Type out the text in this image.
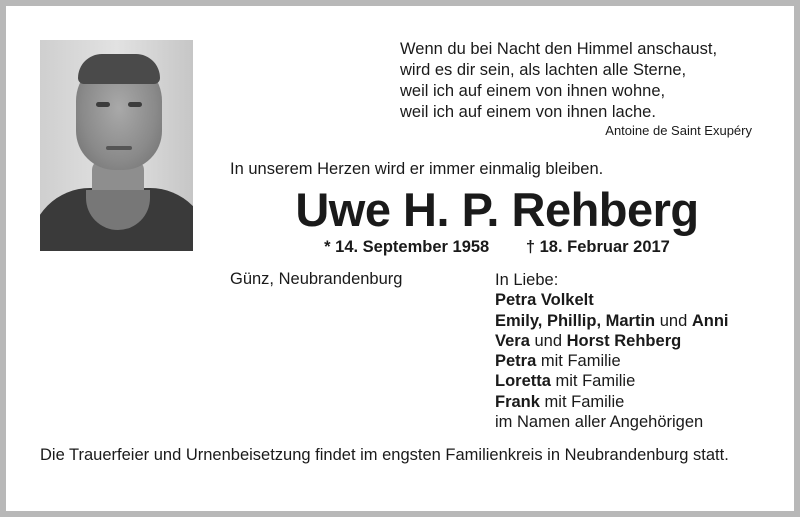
Wenn du bei Nacht den Himmel anschaust,
wird es dir sein, als lachten alle Sterne,
weil ich auf einem von ihnen wohne,
weil ich auf einem von ihnen lache.
Antoine de Saint Exupéry
In unserem Herzen wird er immer einmalig bleiben.
Uwe H. P. Rehberg
* 14. September 1958 † 18. Februar 2017
Günz, Neubrandenburg	In Liebe:
Petra Volkelt
Emily, Phillip, Martin und Anni
Vera und Horst Rehberg
Petra mit Familie
Loretta mit Familie
Frank mit Familie
im Namen aller Angehörigen
Die Trauerfeier und Urnenbeisetzung findet im engsten Familienkreis in Neubrandenburg statt.
